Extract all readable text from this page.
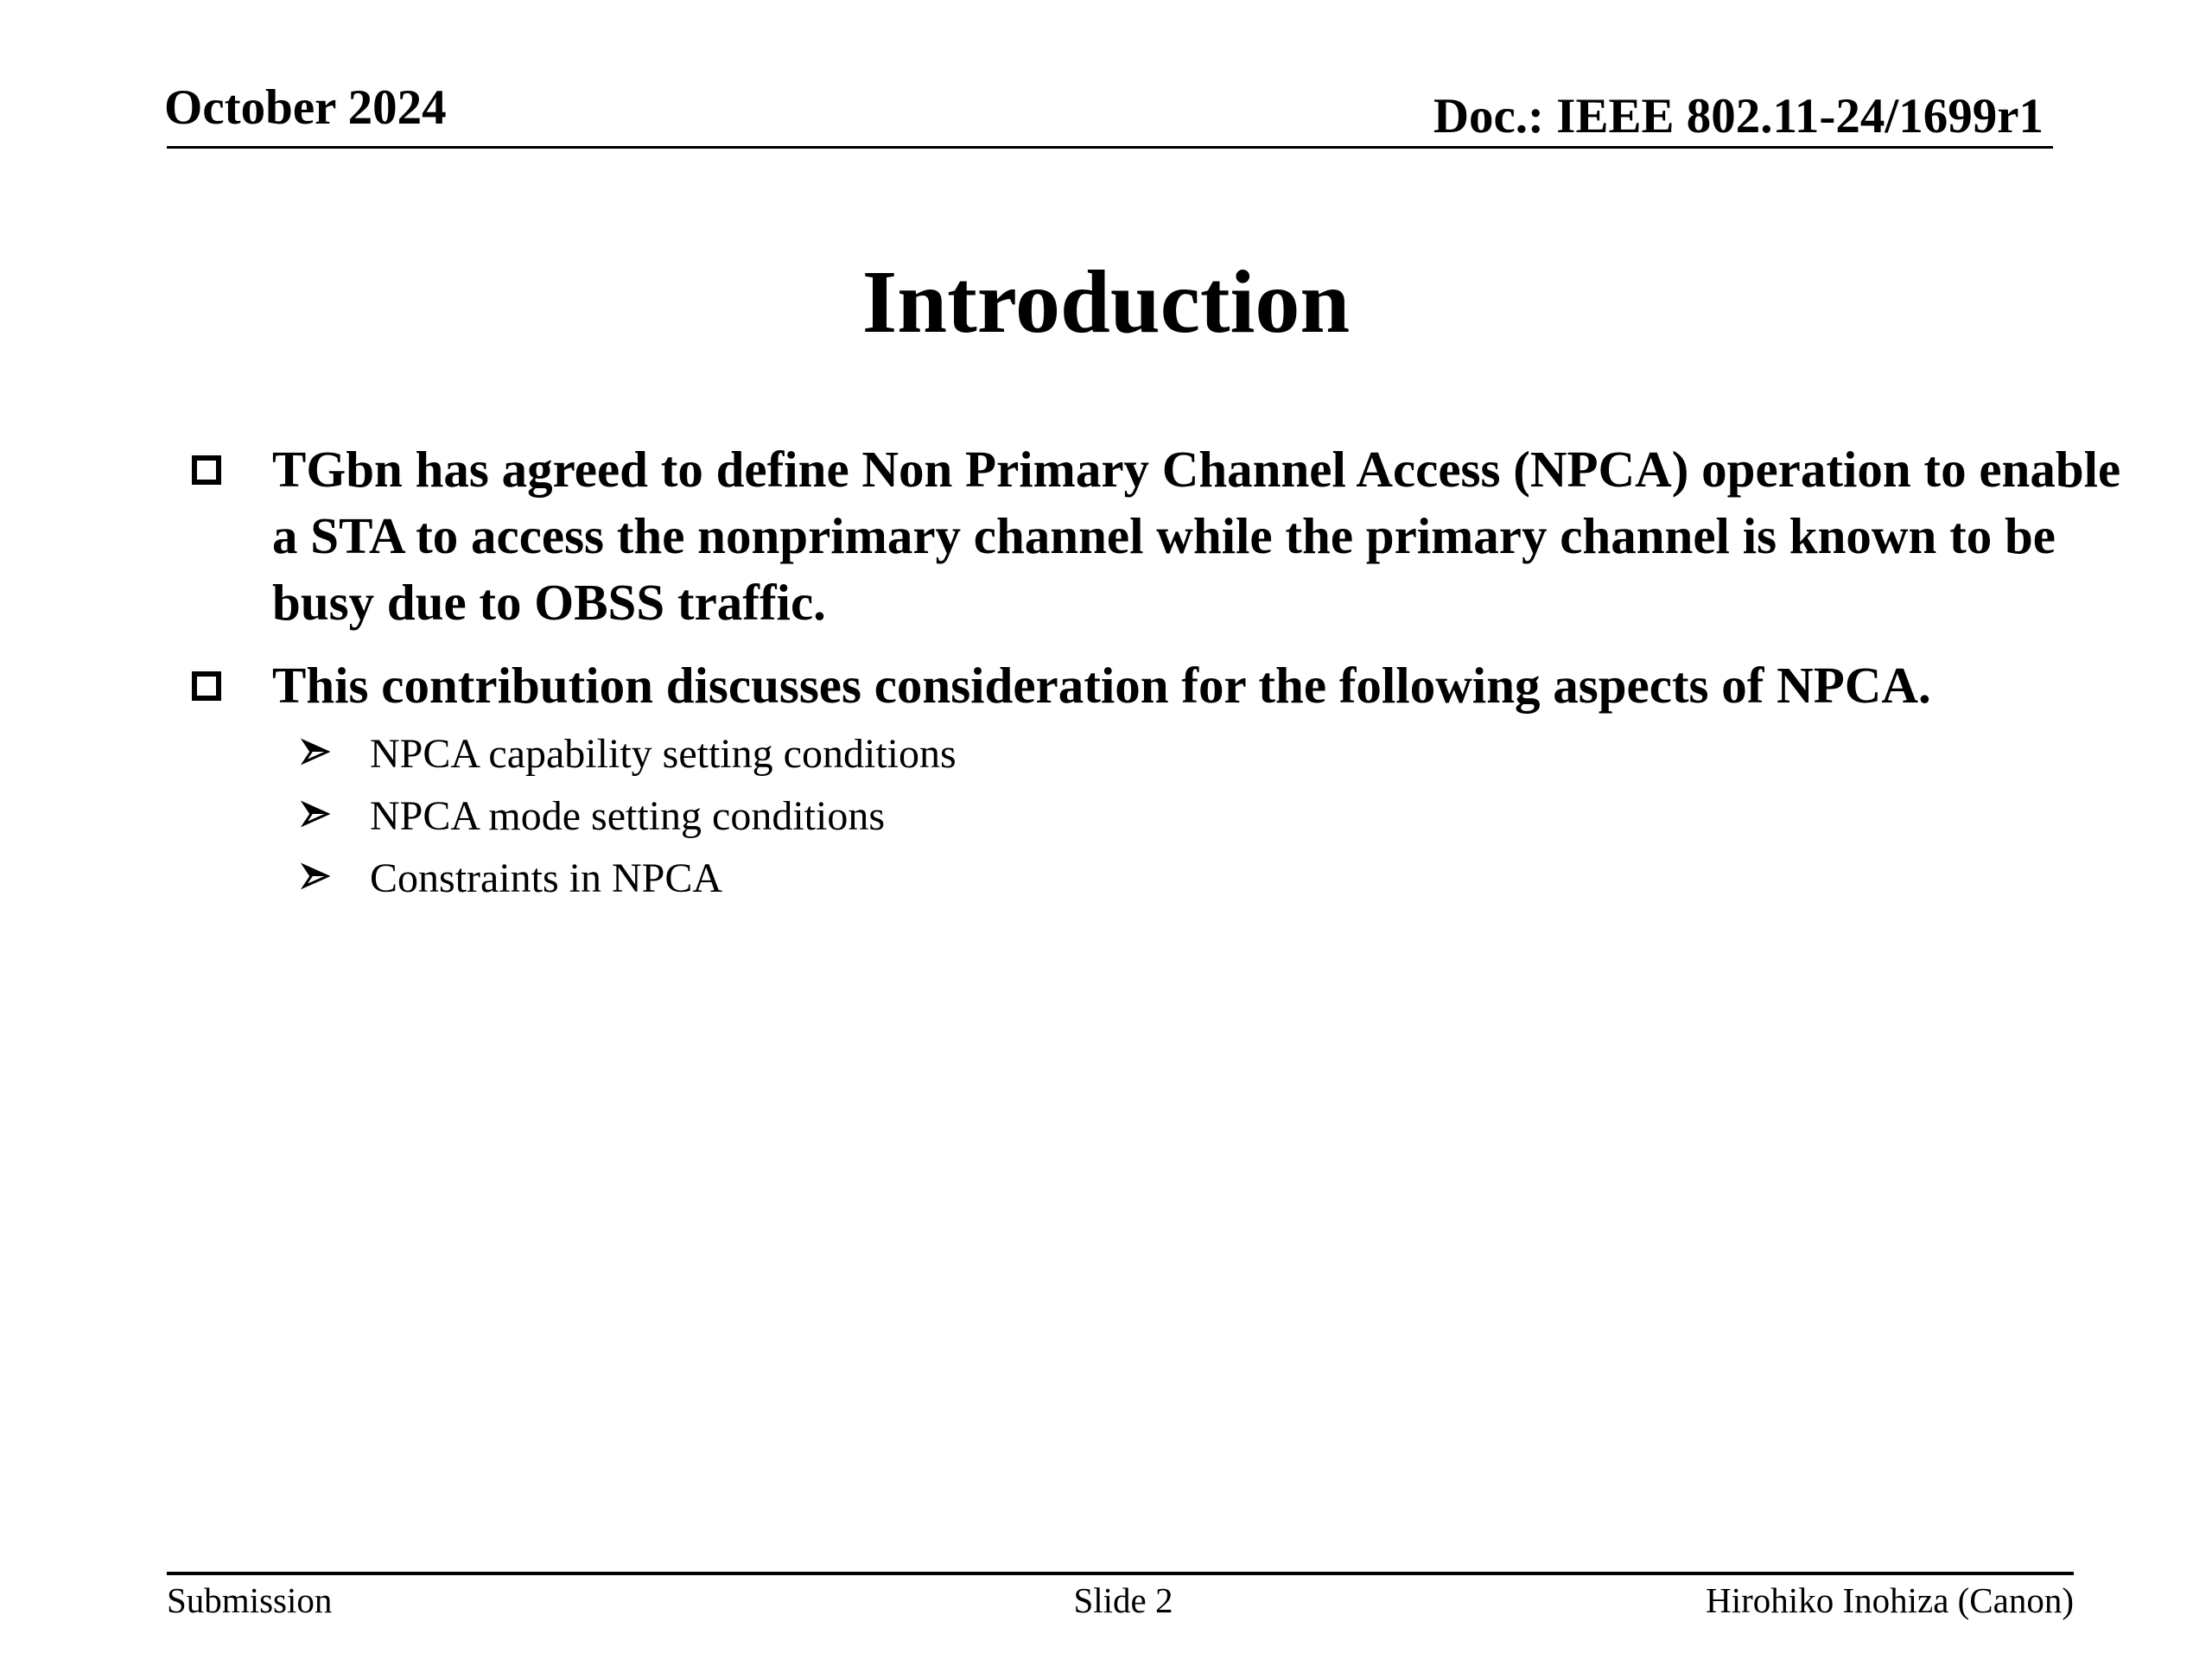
October 2024	Doc.: IEEE 802.11-24/1699r1
Introduction
TGbn has agreed to define Non Primary Channel Access (NPCA) operation to enable a STA to access the nonprimary channel while the primary channel is known to be busy due to OBSS traffic.
This contribution discusses consideration for the following aspects of NPCA.
NPCA capability setting conditions
NPCA mode setting conditions
Constraints in NPCA
Submission	Slide 2	Hirohiko Inohiza (Canon)
